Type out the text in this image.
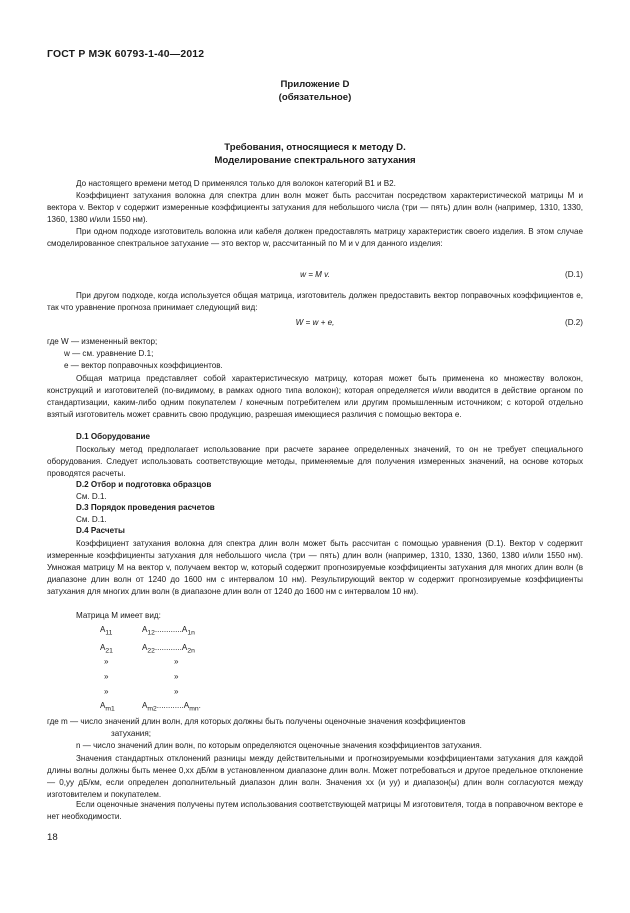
ГОСТ Р МЭК 60793-1-40—2012
Приложение D
(обязательное)
Требования, относящиеся к методу D.
Моделирование спектрального затухания

До настоящего времени метод D применялся только для волокон категорий В1 и В2.

Коэффициент затухания волокна для спектра длин волн может быть рассчитан посредством характеристической матрицы M и вектора v. Вектор v содержит измеренные коэффициенты затухания для небольшого числа (три — пять) длин волн (например, 1310, 1330, 1360, 1380 и/или 1550 нм).

При одном подходе изготовитель волокна или кабеля должен предоставлять матрицу характеристик своего изделия. В этом случае смоделированное спектральное затухание — это вектор w, рассчитанный по M и v для данного изделия:

w = M v.	(D.1)

При другом подходе, когда используется общая матрица, изготовитель должен предоставить вектор поправочных коэффициентов e, так что уравнение прогноза принимает следующий вид:

W = w + e,	(D.2)
где W — измененный вектор;
w — см. уравнение D.1;
e — вектор поправочных коэффициентов.

Общая матрица представляет собой характеристическую матрицу, которая может быть применена ко множеству волокон, конструкций и изготовителей (по-видимому, в рамках одного типа волокон); которая определяется и/или вводится в действие органом по стандартизации, каким-либо одним покупателем / конечным потребителем или другим промышленным источником; с которой отдельно взятый изготовитель может сравнить свою продукцию, разрешая имеющиеся различия с помощью вектора e.

D.1 Оборудование

Поскольку метод предполагает использование при расчете заранее определенных значений, то он не требует специального оборудования. Следует использовать соответствующие методы, применяемые для получения измеренных значений, на основе которых проводятся расчеты.

D.2 Отбор и подготовка образцов
См. D.1.
D.3 Порядок проведения расчетов
См. D.1.
D.4 Расчеты

Коэффициент затухания волокна для спектра длин волн может быть рассчитан с помощью уравнения (D.1). Вектор v содержит измеренные коэффициенты затухания для небольшого числа (три — пять) длин волн (например, 1310, 1330, 1360, 1380 и/или 1550 нм). Умножая матрицу M на вектор v, получаем вектор w, который содержит прогнозируемые коэффициенты затухания для многих длин волн (в диапазоне длин волн от 1240 до 1600 нм с интервалом 10 нм). Результирующий вектор w содержит прогнозируемые коэффициенты затухания для многих длин волн (в диапазоне длин волн от 1240 до 1600 нм с интервалом 10 нм).

Матрица M имеет вид:
$A_{11}$	$A_{12}............A_{1n}$
$A_{21}$	$A_{22}............A_{2n}$
»	»
»	»
»	»
$A_{m1}$	$A_{m2}............A_{mn}$.
где m — число значений длин волн, для которых должны быть получены оценочные значения коэффициентов
затухания;
n — число значений длин волн, по которым определяются оценочные значения коэффициентов затухания.

Значения стандартных отклонений разницы между действительными и прогнозируемыми коэффициентами затухания для каждой длины волны должны быть менее 0,xx дБ/км в установленном диапазоне длин волн. Может потребоваться и другое предельное отклонение — 0,yy дБ/км, если определен дополнительный диапазон длин волн. Значения xx (и yy) и диапазон(ы) длин волн согласуются между изготовителем и покупателем.

Если оценочные значения получены путем использования соответствующей матрицы M изготовителя, тогда в поправочном векторе e нет необходимости.

18
